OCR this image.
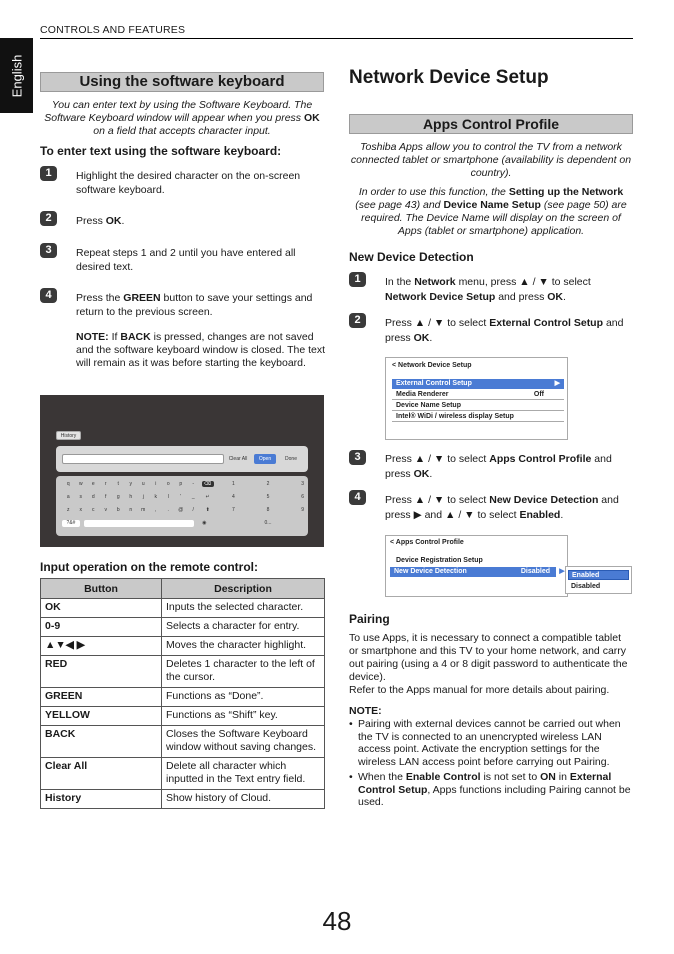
CONTROLS AND FEATURES
English	Using the software keyboard
You can enter text by using the Software Keyboard. The Software Keyboard window will appear when you press OK on a field that accepts character input.
To enter text using the software keyboard:
1	Highlight the desired character on the on-screen software keyboard.
2	Press OK.
3	Repeat steps 1 and 2 until you have entered all desired text.
4	Press the GREEN button to save your settings and return to the previous screen.
NOTE: If BACK is pressed, changes are not saved and the software keyboard window is closed. The text will remain as it was before starting the keyboard.
History
Clear All	Open	Done
q	w	e	r	t	y	u	i	o	p	-	⌫
a	s	d	f	g	h	j	k	l	'	_	↵
z	x	c	v	b	n	m	,	.	@	/	⬆
?&#	◉
1	2	3
4	5	6
7	8	9
0...
Input operation on the remote control:
Button	Description
OK	Inputs the selected character.
0-9	Selects a character for entry.
▲▼◀ ▶	Moves the character highlight.
RED	Deletes 1 character to the left of the cursor.
GREEN	Functions as “Done”.
YELLOW	Functions as “Shift” key.
BACK	Closes the Software Keyboard window without saving changes.
Clear All	Delete all character which inputted in the Text entry field.
History	Show history of Cloud.
Network Device Setup
Apps Control Profile
Toshiba Apps allow you to control the TV from a network connected tablet or smartphone (availability is dependent on country).
In order to use this function, the Setting up the Network (see page 43) and Device Name Setup (see page 50) are required. The Device Name will display on the screen of Apps (tablet or smartphone) application.
New Device Detection
1	In the Network menu, press ▲ / ▼ to select Network Device Setup and press OK.
2	Press ▲ / ▼ to select External Control Setup and press OK.
< Network Device Setup
External Control Setup	▶
Media Renderer	Off
Device Name Setup
Intel® WiDi / wireless display Setup
3	Press ▲ / ▼ to select Apps Control Profile and press OK.
4	Press ▲ / ▼ to select New Device Detection and press ▶ and ▲ / ▼ to select Enabled.
< Apps Control Profile
Device Registration Setup
New Device Detection	Disabled	▶
Enabled
Disabled
Pairing
To use Apps, it is necessary to connect a compatible tablet or smartphone and this TV to your home network, and carry out pairing (using a 4 or 8 digit password to authenticate the device).
Refer to the Apps manual for more details about pairing.
NOTE:
• Pairing with external devices cannot be carried out when the TV is connected to an unencrypted wireless LAN access point. Activate the encryption settings for the wireless LAN access point before carrying out Pairing.
• When the Enable Control is not set to ON in External Control Setup, Apps functions including Pairing cannot be used.
48
